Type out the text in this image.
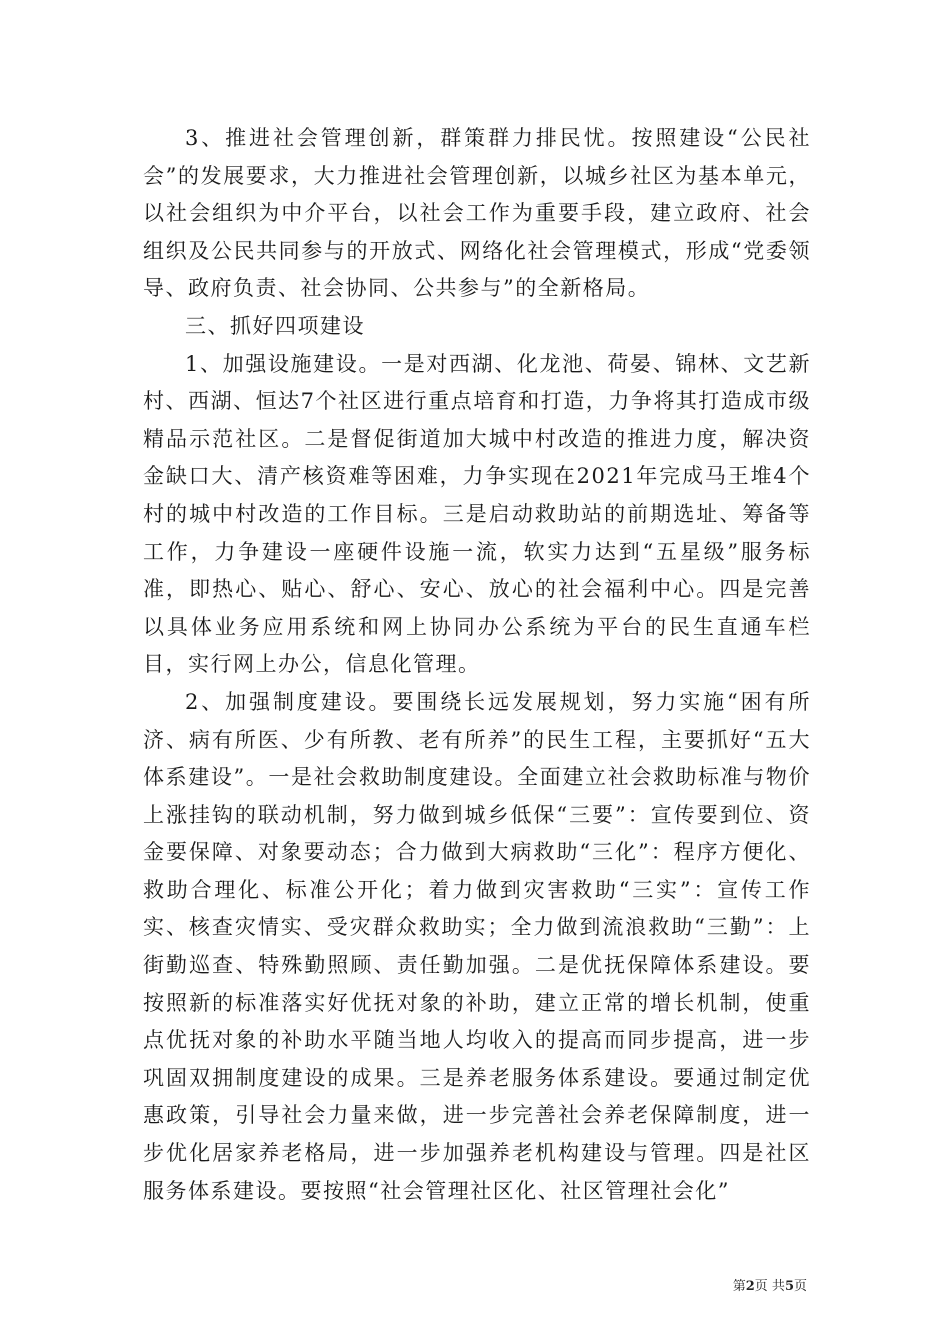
3、推进社会管理创新，群策群力排民忧。按照建设“公民社会”的发展要求，大力推进社会管理创新，以城乡社区为基本单元，以社会组织为中介平台，以社会工作为重要手段，建立政府、社会组织及公民共同参与的开放式、网络化社会管理模式，形成“党委领导、政府负责、社会协同、公共参与”的全新格局。

三、抓好四项建设

1、加强设施建设。一是对西湖、化龙池、荷晏、锦林、文艺新村、西湖、恒达7个社区进行重点培育和打造，力争将其打造成市级精品示范社区。二是督促街道加大城中村改造的推进力度，解决资金缺口大、清产核资难等困难，力争实现在2021年完成马王堆4个村的城中村改造的工作目标。三是启动救助站的前期选址、筹备等工作，力争建设一座硬件设施一流，软实力达到“五星级”服务标准，即热心、贴心、舒心、安心、放心的社会福利中心。四是完善以具体业务应用系统和网上协同办公系统为平台的民生直通车栏目，实行网上办公，信息化管理。

2、加强制度建设。要围绕长远发展规划，努力实施“困有所济、病有所医、少有所教、老有所养”的民生工程，主要抓好“五大体系建设”。一是社会救助制度建设。全面建立社会救助标准与物价上涨挂钩的联动机制，努力做到城乡低保“三要”：宣传要到位、资金要保障、对象要动态；合力做到大病救助“三化”：程序方便化、救助合理化、标准公开化；着力做到灾害救助“三实”：宣传工作实、核查灾情实、受灾群众救助实；全力做到流浪救助“三勤”：上街勤巡查、特殊勤照顾、责任勤加强。二是优抚保障体系建设。要按照新的标准落实好优抚对象的补助，建立正常的增长机制，使重点优抚对象的补助水平随当地人均收入的提高而同步提高，进一步巩固双拥制度建设的成果。三是养老服务体系建设。要通过制定优惠政策，引导社会力量来做，进一步完善社会养老保障制度，进一步优化居家养老格局，进一步加强养老机构建设与管理。四是社区服务体系建设。要按照“社会管理社区化、社区管理社会化”

第2页 共5页
